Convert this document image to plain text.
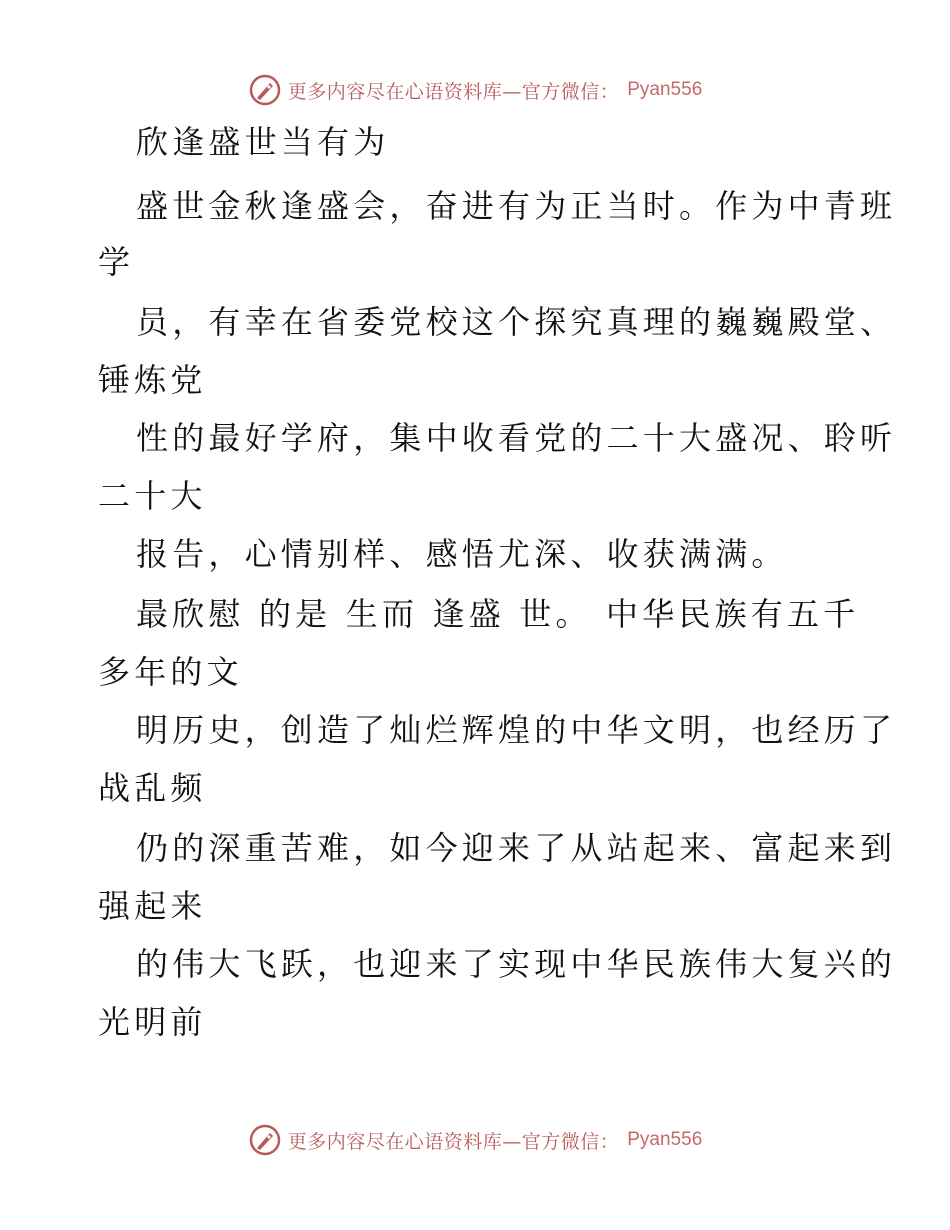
更多内容尽在心语资料库—官方微信： Pyan556
欣逢盛世当有为
盛世金秋逢盛会，奋进有为正当时。作为中青班
学
员，有幸在省委党校这个探究真理的巍巍殿堂、
锤炼党
性的最好学府，集中收看党的二十大盛况、聆听
二十大
报告，心情别样、感悟尤深、收获满满。
最欣慰 的是 生而 逢盛 世。 中华民族有五千
多年的文
明历史，创造了灿烂辉煌的中华文明，也经历了
战乱频
仍的深重苦难，如今迎来了从站起来、富起来到
强起来
的伟大飞跃，也迎来了实现中华民族伟大复兴的
光明前
更多内容尽在心语资料库—官方微信： Pyan556
